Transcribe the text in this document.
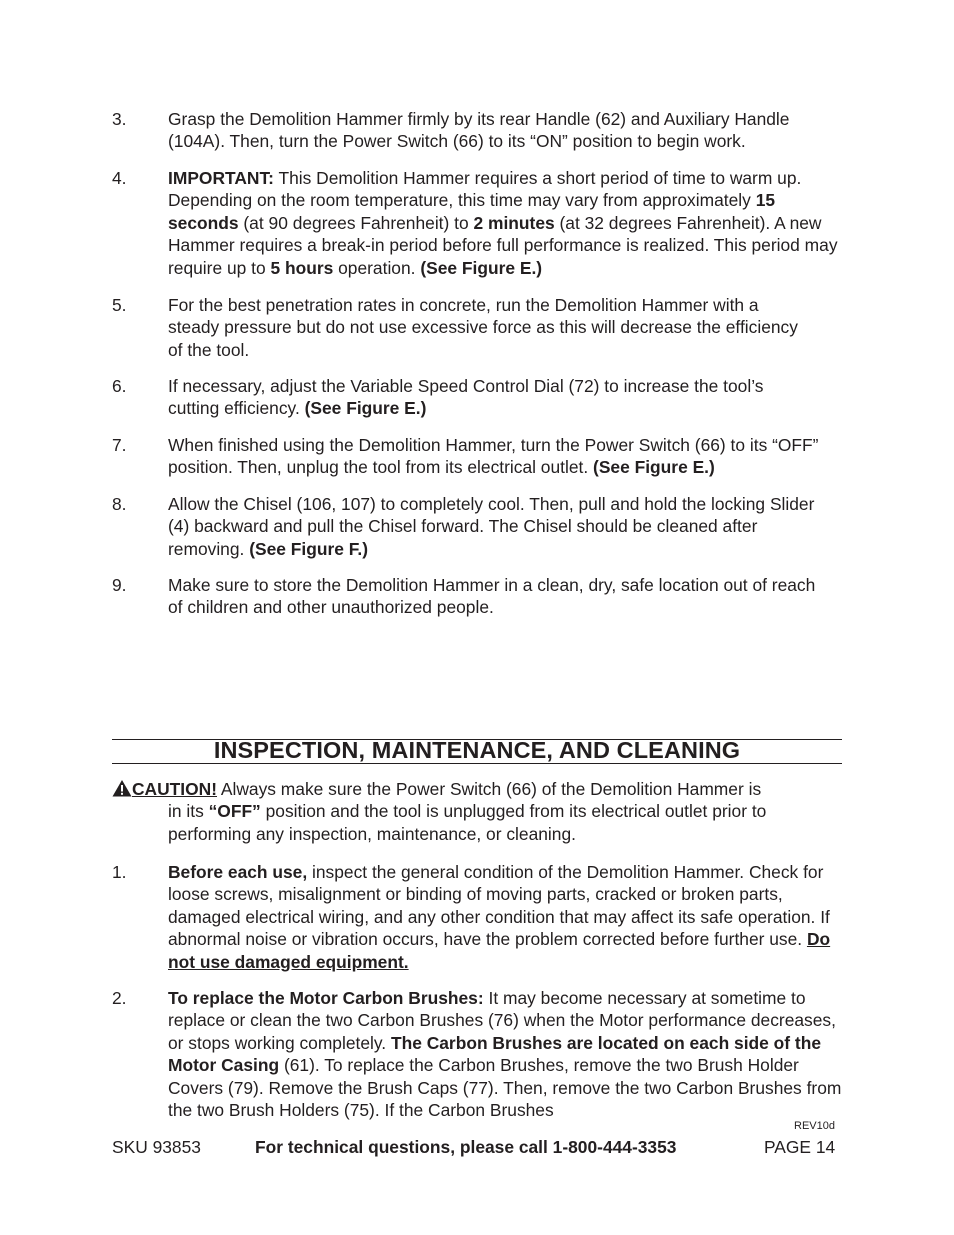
3. Grasp the Demolition Hammer firmly by its rear Handle (62) and Auxiliary Handle (104A). Then, turn the Power Switch (66) to its “ON” position to begin work.
4. IMPORTANT: This Demolition Hammer requires a short period of time to warm up. Depending on the room temperature, this time may vary from approximately 15 seconds (at 90 degrees Fahrenheit) to 2 minutes (at 32 degrees Fahrenheit). A new Hammer requires a break-in period before full performance is realized. This period may require up to 5 hours operation. (See Figure E.)
5. For the best penetration rates in concrete, run the Demolition Hammer with a steady pressure but do not use excessive force as this will decrease the efficiency of the tool.
6. If necessary, adjust the Variable Speed Control Dial (72) to increase the tool’s cutting efficiency. (See Figure E.)
7. When finished using the Demolition Hammer, turn the Power Switch (66) to its “OFF” position. Then, unplug the tool from its electrical outlet. (See Figure E.)
8. Allow the Chisel (106, 107) to completely cool. Then, pull and hold the locking Slider (4) backward and pull the Chisel forward. The Chisel should be cleaned after removing. (See Figure F.)
9. Make sure to store the Demolition Hammer in a clean, dry, safe location out of reach of children and other unauthorized people.
INSPECTION, MAINTENANCE, AND CLEANING
CAUTION! Always make sure the Power Switch (66) of the Demolition Hammer is
in its “OFF” position and the tool is unplugged from its electrical outlet prior to performing any inspection, maintenance, or cleaning.
1. Before each use, inspect the general condition of the Demolition Hammer. Check for loose screws, misalignment or binding of moving parts, cracked or broken parts, damaged electrical wiring, and any other condition that may affect its safe operation. If abnormal noise or vibration occurs, have the problem corrected before further use. Do not use damaged equipment.
2. To replace the Motor Carbon Brushes: It may become necessary at sometime to replace or clean the two Carbon Brushes (76) when the Motor performance decreases, or stops working completely. The Carbon Brushes are located on each side of the Motor Casing (61). To replace the Carbon Brushes, remove the two Brush Holder Covers (79). Remove the Brush Caps (77). Then, remove the two Carbon Brushes from the two Brush Holders (75). If the Carbon Brushes
REV10d
SKU 93853	For technical questions, please call 1-800-444-3353	PAGE 14
